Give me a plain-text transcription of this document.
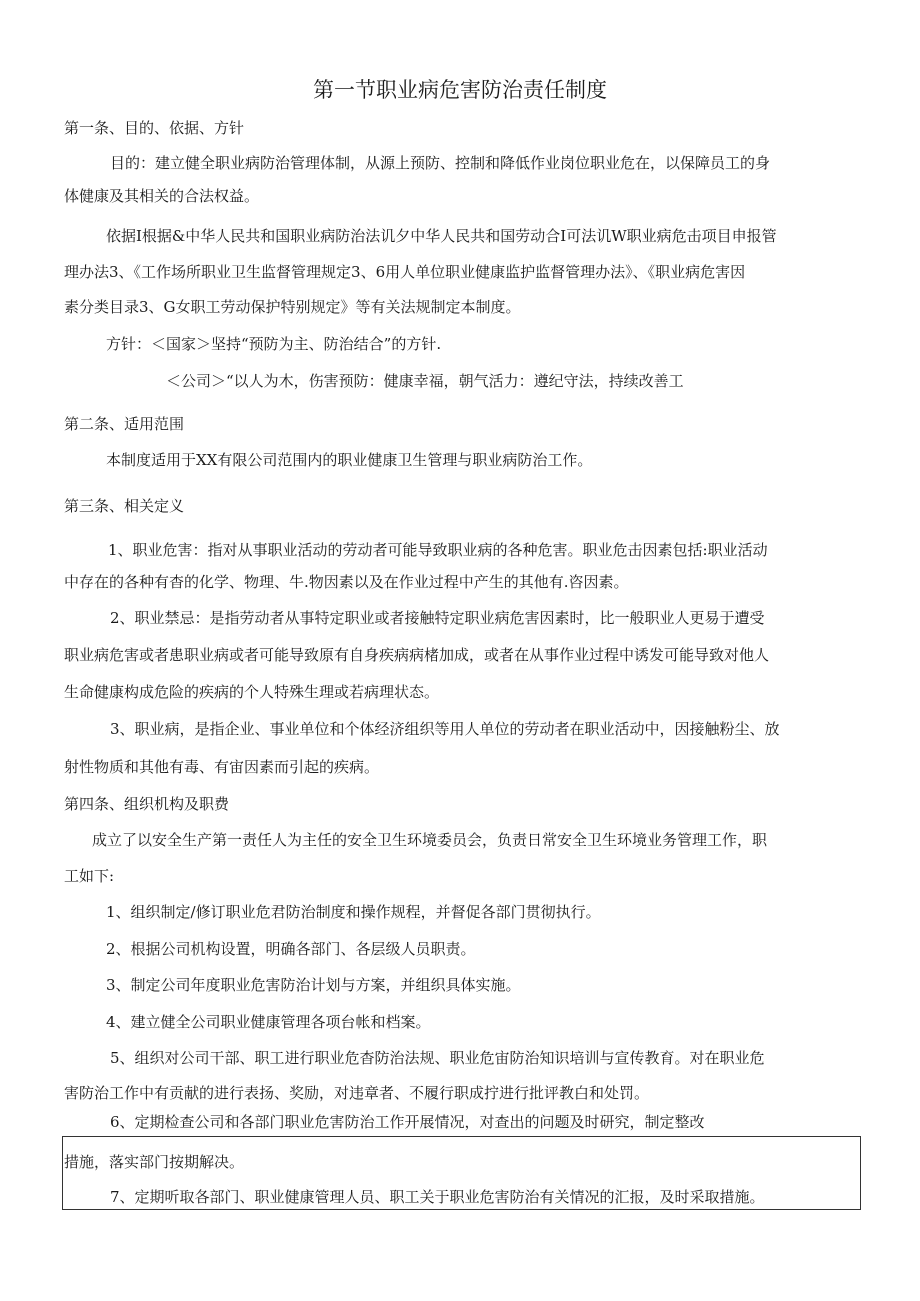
第一节职业病危害防治责任制度
第一条、目的、依据、方针
目的：建立健全职业病防治管理体制，从源上预防、控制和降低作业岗位职业危在，以保障员工的身
体健康及其相关的合法权益。
依据I根据&中华人民共和国职业病防治法讥夕中华人民共和国劳动合I可法讥W职业病危击项目申报管
理办法3、《工作场所职业卫生监督管理规定3、6用人单位职业健康监护监督管理办法》、《职业病危害因
素分类目录3、G女职工劳动保护特别规定》等有关法规制定本制度。
方针：＜国家＞坚持“预防为主、防治结合”的方针.
＜公司＞“以人为木，伤害预防：健康幸福，朝气活力：遵纪守法，持续改善工
第二条、适用范围
本制度适用于XX有限公司范围内的职业健康卫生管理与职业病防治工作。
第三条、相关定义
1、职业危害：指对从事职业活动的劳动者可能导致职业病的各种危害。职业危击因素包括:职业活动
中存在的各种有杳的化学、物理、牛.物因素以及在作业过程中产生的其他有.咨因素。
2、职业禁忌：是指劳动者从事特定职业或者接触特定职业病危害因素时，比一般职业人更易于遭受
职业病危害或者患职业病或者可能导致原有自身疾病病楮加成，或者在从事作业过程中诱发可能导致对他人
生命健康构成危险的疾病的个人特殊生理或若病理状态。
3、职业病，是指企业、事业单位和个体经济组织等用人单位的劳动者在职业活动中，因接触粉尘、放
射性物质和其他有毒、有宙因素而引起的疾病。
第四条、组织机构及职费
成立了以安全生产第一责任人为主任的安全卫生环境委员会，负责日常安全卫生环境业务管理工作，职
工如下:
1、组织制定/修订职业危君防治制度和操作规程，并督促各部门贯彻执行。
2、根据公司机构设置，明确各部门、各层级人员职责。
3、制定公司年度职业危害防治计划与方案，并组织具体实施。
4、建立健全公司职业健康管理各项台帐和档案。
5、组织对公司干部、职工进行职业危杳防治法规、职业危宙防治知识培训与宣传教育。对在职业危
害防治工作中有贡献的进行表扬、奖励，对违章者、不履行职成拧进行批评教白和处罚。
6、定期检查公司和各部门职业危害防治工作开展情况，对查出的问题及时研究，制定整改
措施，落实部门按期解决。
7、定期听取各部门、职业健康管理人员、职工关于职业危害防治有关情况的汇报，及时采取措施。
